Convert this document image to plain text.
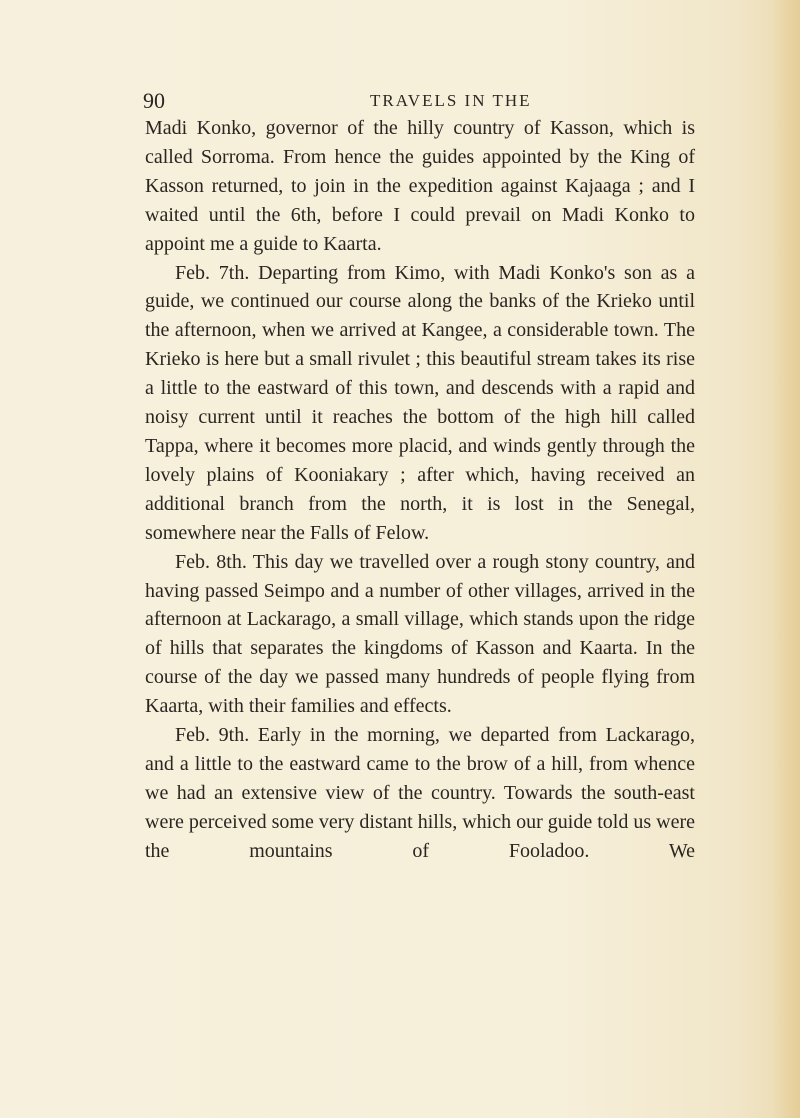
90	TRAVELS IN THE

Madi Konko, governor of the hilly country of Kasson, which is called Sorroma. From hence the guides appointed by the King of Kasson returned, to join in the expedition against Kajaaga ; and I waited until the 6th, before I could prevail on Madi Konko to appoint me a guide to Kaarta.

Feb. 7th. Departing from Kimo, with Madi Konko's son as a guide, we continued our course along the banks of the Krieko until the afternoon, when we arrived at Kangee, a considerable town. The Krieko is here but a small rivulet ; this beautiful stream takes its rise a little to the eastward of this town, and descends with a rapid and noisy current until it reaches the bottom of the high hill called Tappa, where it becomes more placid, and winds gently through the lovely plains of Kooniakary ; after which, having received an additional branch from the north, it is lost in the Senegal, somewhere near the Falls of Felow.

Feb. 8th. This day we travelled over a rough stony country, and having passed Seimpo and a number of other villages, arrived in the afternoon at Lackarago, a small village, which stands upon the ridge of hills that separates the kingdoms of Kasson and Kaarta. In the course of the day we passed many hundreds of people flying from Kaarta, with their families and effects.

Feb. 9th. Early in the morning, we departed from Lackarago, and a little to the eastward came to the brow of a hill, from whence we had an extensive view of the country. Towards the south-east were perceived some very distant hills, which our guide told us were the mountains of Fooladoo. We
